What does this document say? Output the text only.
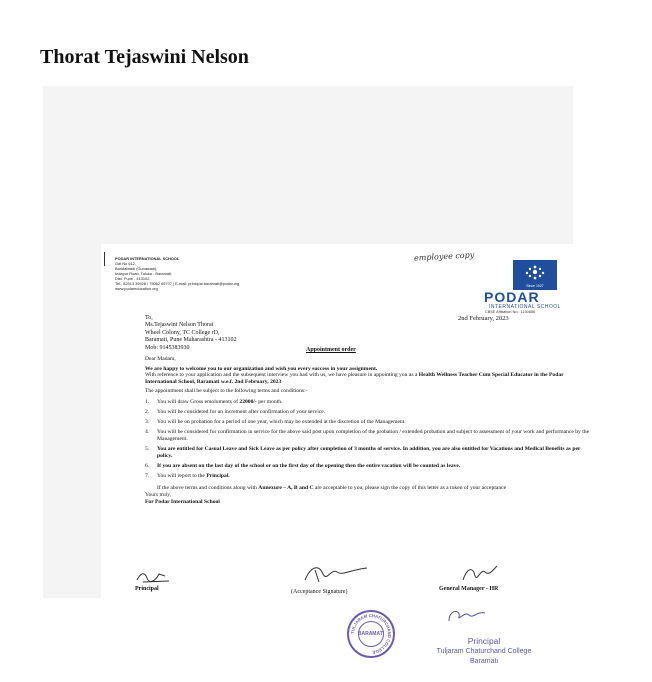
Thorat Tejaswini Nelson
PODAR INTERNATIONAL SCHOOL
Gat No 612,
Bandalwadi (Gunawadi),
Indapur Road, Taluka - Baramati,
Dist. Pune - 413102.
Tel.: 82913 39928 / 75062 65707 | E-mail: principal.baramati@podar.org
www.podareducation.org
employee copy
Since 1927
PODAR
INTERNATIONAL SCHOOL
CBSE Affiliation No.: 1130656
2nd February, 2023
To,
Ms.Tejaswini Nelson Thorat
Wheel Colony, TC College rD,
Baramati, Pune Maharashtra - 413102
Mob: 9145383930	Appointment order

Dear Madam,

We are happy to welcome you to our organization and wish you every success in your assignment.

With reference to your application and the subsequent interview you had with us, we have pleasure in appointing you as a Health Wellness Teacher Cum Special Educator in the Podar International School, Baramati w.e.f. 2nd February, 2023

The appointment shall be subject to the following terms and conditions:-

1.	You will draw Gross emoluments of 22000/- per month.
2.	You will be considered for an increment after confirmation of your service.
3.	You will be on probation for a period of one year, which may be extended at the discretion of the Management.
4.	You will be considered for confirmation in service for the above said post upon completion of the probation / extended probation and subject to assessment of your work and performance by the Management.
5.	You are entitled for Casual Leave and Sick Leave as per policy after completion of 3 months of service. In addition, you are also entitled for Vacations and Medical Benefits as per policy.
6.	If you are absent on the last day of the school or on the first day of the opening then the entire vacation will be counted as leave.
7.	You will report to the Principal.

If the above terms and conditions along with Annexure – A, B and C are acceptable to you, please sign the copy of this letter as a token of your acceptance

Yours truly,

For Podar International School

Principal	(Acceptance Signature)	General Manager - HR
TULJARAM CHATURCHAND COLLEGE
BARAMATI
Principal
Tuljaram Chaturchand College
Baramati
